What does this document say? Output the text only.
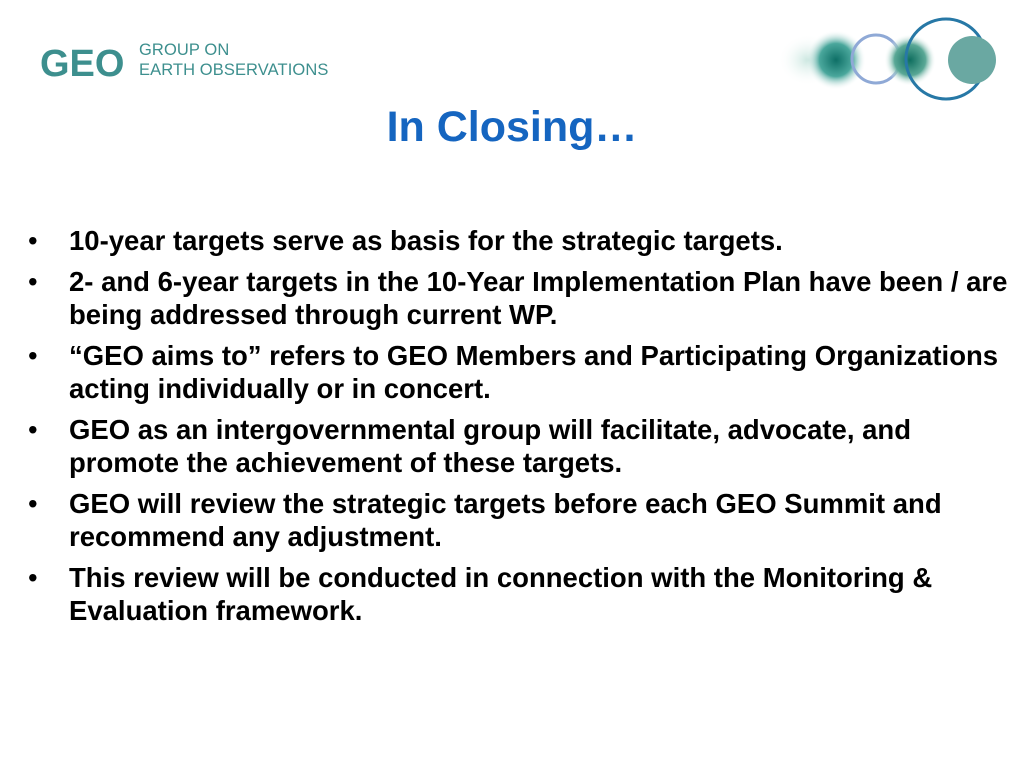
GEO GROUP ON
EARTH OBSERVATIONS
In Closing…
• 10-year targets serve as basis for the strategic targets.
• 2- and 6-year targets in the 10-Year Implementation Plan have been / are being addressed through current WP.
• “GEO aims to” refers to GEO Members and Participating Organizations acting individually or in concert.
• GEO as an intergovernmental group will facilitate, advocate, and promote the achievement of these targets.
• GEO will review the strategic targets before each GEO Summit and recommend any adjustment.
• This review will be conducted in connection with the Monitoring & Evaluation framework.
